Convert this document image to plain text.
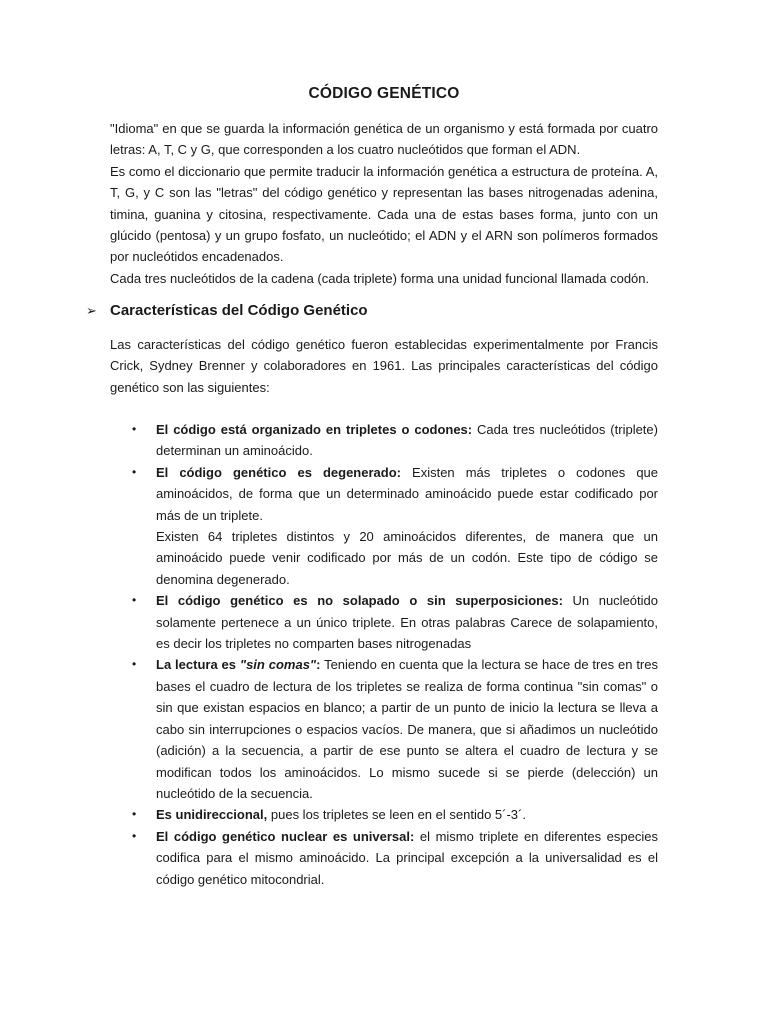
CÓDIGO GENÉTICO

"Idioma" en que se guarda la información genética de un organismo y está formada por cuatro letras: A, T, C y G, que corresponden a los cuatro nucleótidos que forman el ADN.

Es como el diccionario que permite traducir la información genética a estructura de proteína. A, T, G, y C son las "letras" del código genético y representan las bases nitrogenadas adenina, timina, guanina y citosina, respectivamente. Cada una de estas bases forma, junto con un glúcido (pentosa) y un grupo fosfato, un nucleótido; el ADN y el ARN son polímeros formados por nucleótidos encadenados.

Cada tres nucleótidos de la cadena (cada triplete) forma una unidad funcional llamada codón.

➢ Características del Código Genético

Las características del código genético fueron establecidas experimentalmente por Francis Crick, Sydney Brenner y colaboradores en 1961. Las principales características del código genético son las siguientes:

• El código está organizado en tripletes o codones: Cada tres nucleótidos (triplete) determinan un aminoácido.

• El código genético es degenerado: Existen más tripletes o codones que aminoácidos, de forma que un determinado aminoácido puede estar codificado por más de un triplete.

Existen 64 tripletes distintos y 20 aminoácidos diferentes, de manera que un aminoácido puede venir codificado por más de un codón. Este tipo de código se denomina degenerado.

• El código genético es no solapado o sin superposiciones: Un nucleótido solamente pertenece a un único triplete. En otras palabras Carece de solapamiento, es decir los tripletes no comparten bases nitrogenadas

• La lectura es "sin comas": Teniendo en cuenta que la lectura se hace de tres en tres bases el cuadro de lectura de los tripletes se realiza de forma continua "sin comas" o sin que existan espacios en blanco; a partir de un punto de inicio la lectura se lleva a cabo sin interrupciones o espacios vacíos. De manera, que si añadimos un nucleótido (adición) a la secuencia, a partir de ese punto se altera el cuadro de lectura y se modifican todos los aminoácidos. Lo mismo sucede si se pierde (delección) un nucleótido de la secuencia.

• Es unidireccional, pues los tripletes se leen en el sentido 5´-3´.

• El código genético nuclear es universal: el mismo triplete en diferentes especies codifica para el mismo aminoácido. La principal excepción a la universalidad es el código genético mitocondrial.
